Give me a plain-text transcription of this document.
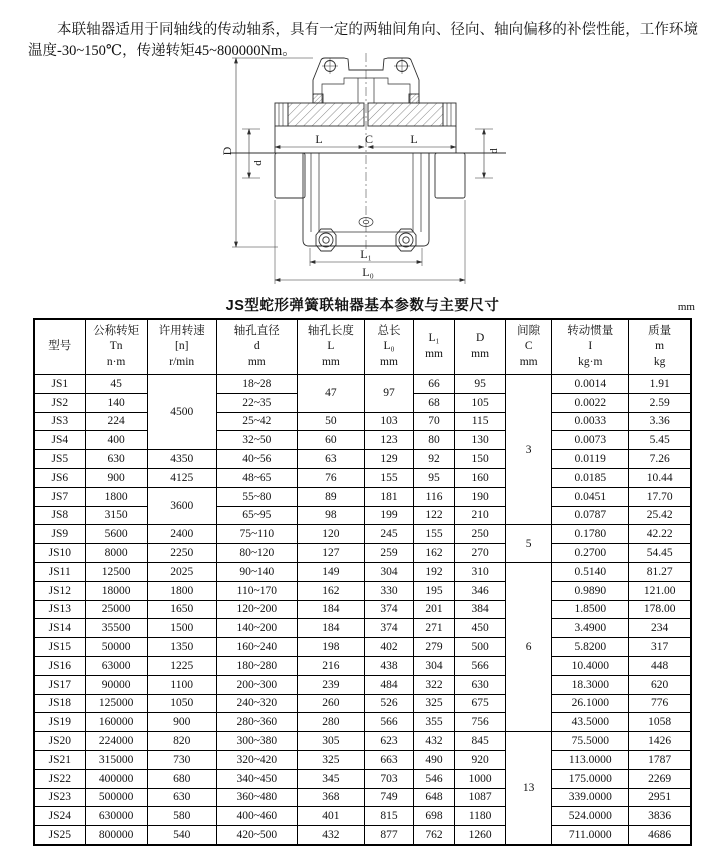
本联轴器适用于同轴线的传动轴系，具有一定的两轴间角向、径向、轴向偏移的补偿性能，工作环境温度-30~150℃，传递转矩45~800000Nm。

D
d
d
L	C	L
L₁
L₀
JS型蛇形弹簧联轴器基本参数与主要尺寸	mm
型号	公称转矩
Tn
n·m	许用转速
[n]
r/min	轴孔直径
d
mm	轴孔长度
L
mm	总长
L₀
mm	L₁
mm	D
mm	间隙
C
mm	转动惯量
I
kg·m	质量
m
kg

JS1	45	4500	18~28	47	97	66	95	3	0.0014	1.91
JS2	140		22~35			68	105		0.0022	2.59
JS3	224		25~42	50	103	70	115		0.0033	3.36
JS4	400		32~50	60	123	80	130		0.0073	5.45
JS5	630	4350	40~56	63	129	92	150		0.0119	7.26
JS6	900	4125	48~65	76	155	95	160		0.0185	10.44
JS7	1800	3600	55~80	89	181	116	190		0.0451	17.70
JS8	3150		65~95	98	199	122	210		0.0787	25.42
JS9	5600	2400	75~110	120	245	155	250	5	0.1780	42.22
JS10	8000	2250	80~120	127	259	162	270		0.2700	54.45
JS11	12500	2025	90~140	149	304	192	310	6	0.5140	81.27
JS12	18000	1800	110~170	162	330	195	346		0.9890	121.00
JS13	25000	1650	120~200	184	374	201	384		1.8500	178.00
JS14	35500	1500	140~200	184	374	271	450		3.4900	234
JS15	50000	1350	160~240	198	402	279	500		5.8200	317
JS16	63000	1225	180~280	216	438	304	566		10.4000	448
JS17	90000	1100	200~300	239	484	322	630		18.3000	620
JS18	125000	1050	240~320	260	526	325	675		26.1000	776
JS19	160000	900	280~360	280	566	355	756		43.5000	1058
JS20	224000	820	300~380	305	623	432	845	13	75.5000	1426
JS21	315000	730	320~420	325	663	490	920		113.0000	1787
JS22	400000	680	340~450	345	703	546	1000		175.0000	2269
JS23	500000	630	360~480	368	749	648	1087		339.0000	2951
JS24	630000	580	400~460	401	815	698	1180		524.0000	3836
JS25	800000	540	420~500	432	877	762	1260		711.0000	4686
